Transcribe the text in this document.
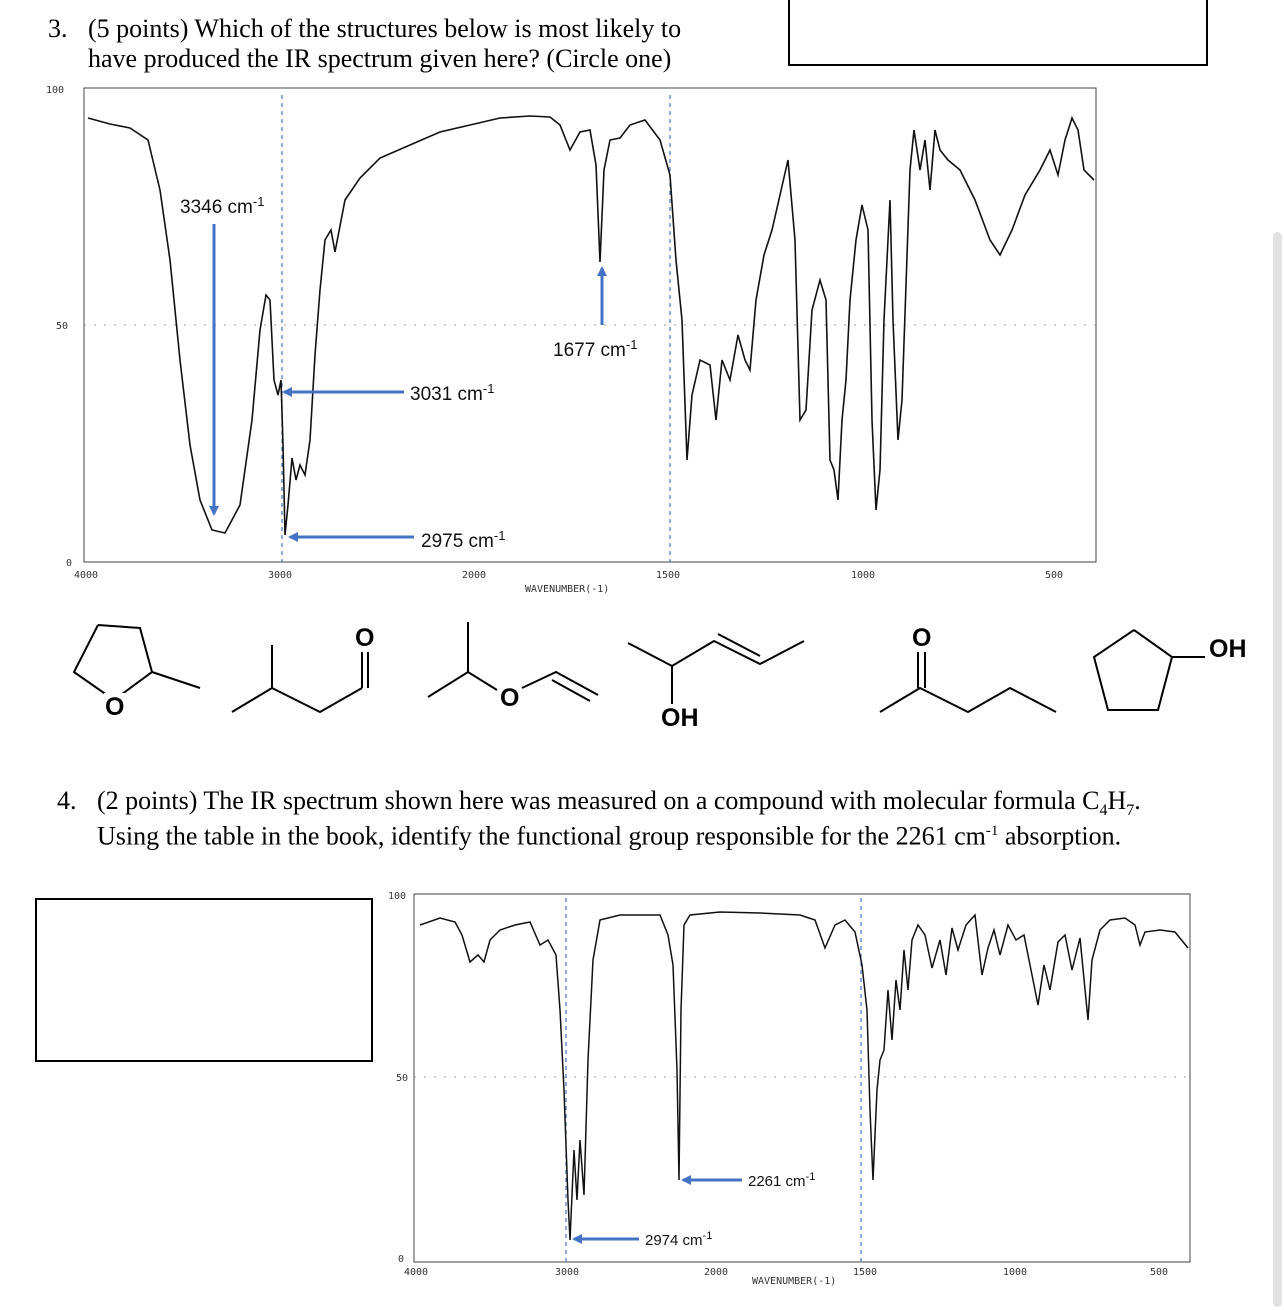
3. (5 points) Which of the structures below is most likely to
have produced the IR spectrum given here? (Circle one)
4. (2 points) The IR spectrum shown here was measured on a compound with molecular formula $C_4H_7$.
Using the table in the book, identify the functional group responsible for the 2261 $cm^{-1}$ absorption.
100
50
0
4000	3000	2000	1500	1000	500
WAVENUMBER(-1)
3346 $cm^{-1}$
3031 $cm^{-1}$
2975 $cm^{-1}$
1677 $cm^{-1}$
O
O
O
OH
O	OH
100
50
0
4000	3000	2000	1500	1000	500
WAVENUMBER(-1)
2261 $cm^{-1}$
2974 $cm^{-1}$
